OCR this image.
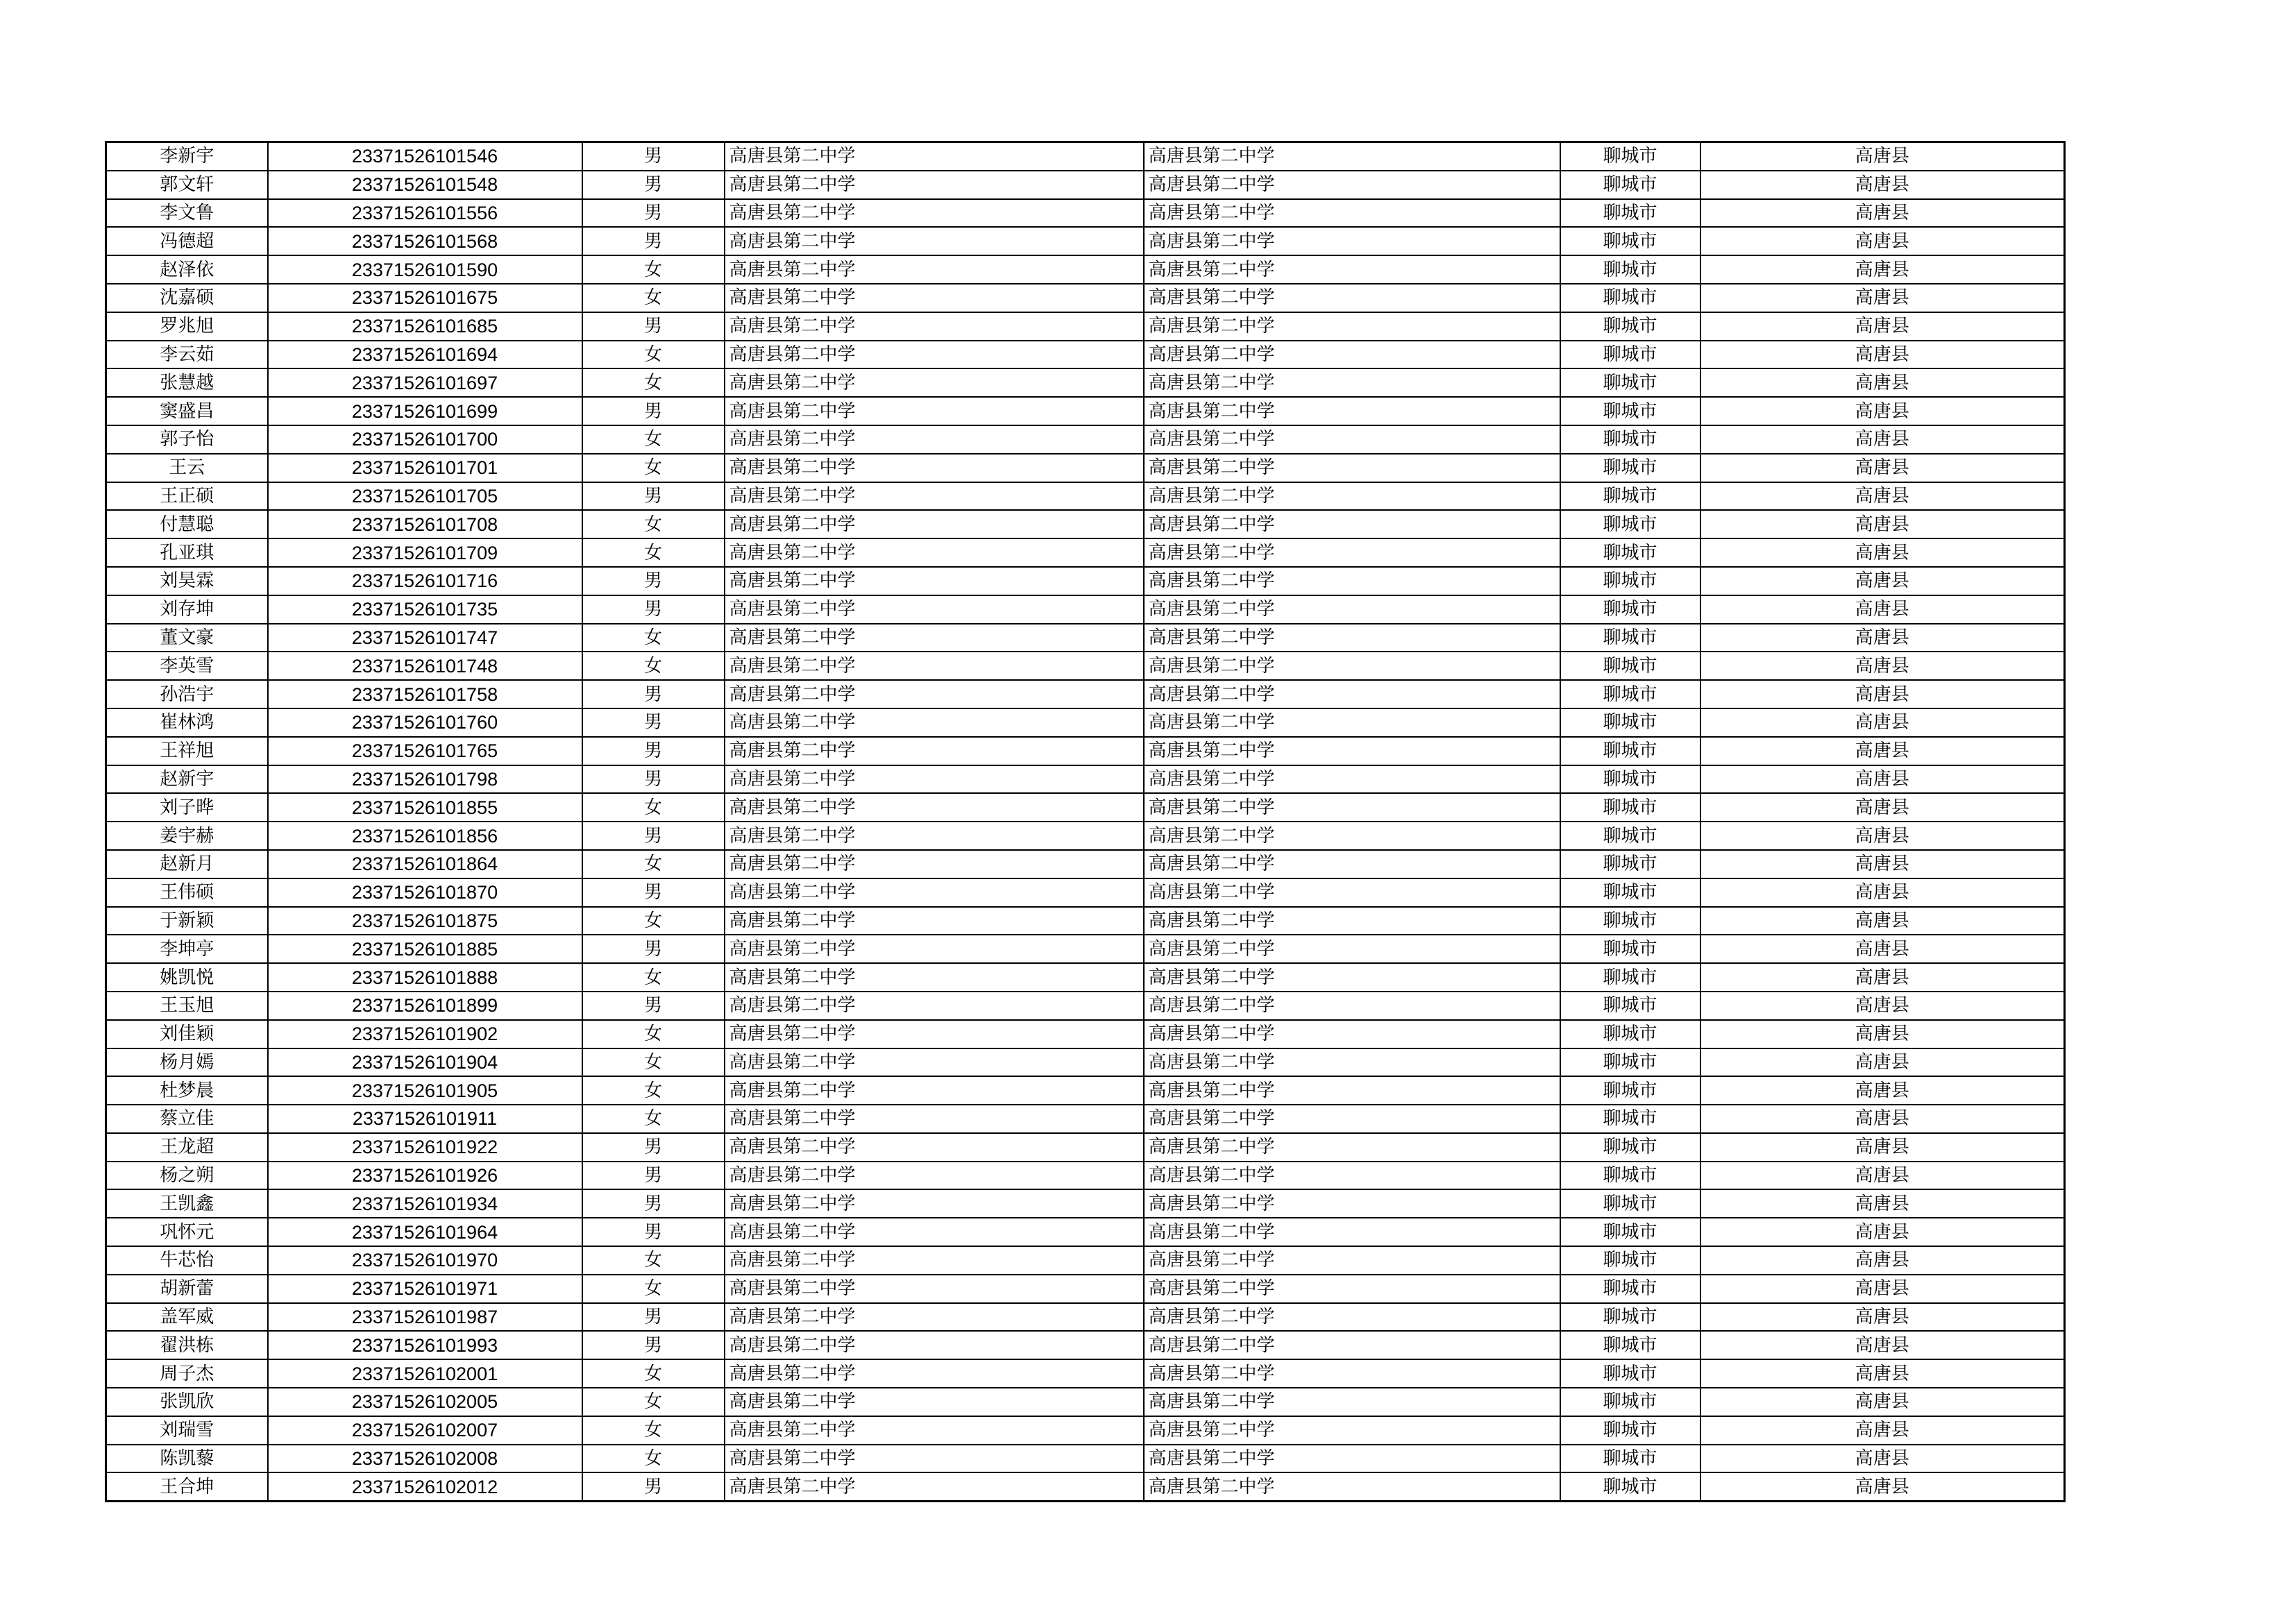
李新宇	23371526101546	男	高唐县第二中学	高唐县第二中学	聊城市	高唐县
郭文轩	23371526101548	男	高唐县第二中学	高唐县第二中学	聊城市	高唐县
李文鲁	23371526101556	男	高唐县第二中学	高唐县第二中学	聊城市	高唐县
冯德超	23371526101568	男	高唐县第二中学	高唐县第二中学	聊城市	高唐县
赵泽依	23371526101590	女	高唐县第二中学	高唐县第二中学	聊城市	高唐县
沈嘉硕	23371526101675	女	高唐县第二中学	高唐县第二中学	聊城市	高唐县
罗兆旭	23371526101685	男	高唐县第二中学	高唐县第二中学	聊城市	高唐县
李云茹	23371526101694	女	高唐县第二中学	高唐县第二中学	聊城市	高唐县
张慧越	23371526101697	女	高唐县第二中学	高唐县第二中学	聊城市	高唐县
窦盛昌	23371526101699	男	高唐县第二中学	高唐县第二中学	聊城市	高唐县
郭子怡	23371526101700	女	高唐县第二中学	高唐县第二中学	聊城市	高唐县
王云	23371526101701	女	高唐县第二中学	高唐县第二中学	聊城市	高唐县
王正硕	23371526101705	男	高唐县第二中学	高唐县第二中学	聊城市	高唐县
付慧聪	23371526101708	女	高唐县第二中学	高唐县第二中学	聊城市	高唐县
孔亚琪	23371526101709	女	高唐县第二中学	高唐县第二中学	聊城市	高唐县
刘昊霖	23371526101716	男	高唐县第二中学	高唐县第二中学	聊城市	高唐县
刘存坤	23371526101735	男	高唐县第二中学	高唐县第二中学	聊城市	高唐县
董文豪	23371526101747	女	高唐县第二中学	高唐县第二中学	聊城市	高唐县
李英雪	23371526101748	女	高唐县第二中学	高唐县第二中学	聊城市	高唐县
孙浩宇	23371526101758	男	高唐县第二中学	高唐县第二中学	聊城市	高唐县
崔林鸿	23371526101760	男	高唐县第二中学	高唐县第二中学	聊城市	高唐县
王祥旭	23371526101765	男	高唐县第二中学	高唐县第二中学	聊城市	高唐县
赵新宇	23371526101798	男	高唐县第二中学	高唐县第二中学	聊城市	高唐县
刘子晔	23371526101855	女	高唐县第二中学	高唐县第二中学	聊城市	高唐县
姜宇赫	23371526101856	男	高唐县第二中学	高唐县第二中学	聊城市	高唐县
赵新月	23371526101864	女	高唐县第二中学	高唐县第二中学	聊城市	高唐县
王伟硕	23371526101870	男	高唐县第二中学	高唐县第二中学	聊城市	高唐县
于新颖	23371526101875	女	高唐县第二中学	高唐县第二中学	聊城市	高唐县
李坤亭	23371526101885	男	高唐县第二中学	高唐县第二中学	聊城市	高唐县
姚凯悦	23371526101888	女	高唐县第二中学	高唐县第二中学	聊城市	高唐县
王玉旭	23371526101899	男	高唐县第二中学	高唐县第二中学	聊城市	高唐县
刘佳颖	23371526101902	女	高唐县第二中学	高唐县第二中学	聊城市	高唐县
杨月嫣	23371526101904	女	高唐县第二中学	高唐县第二中学	聊城市	高唐县
杜梦晨	23371526101905	女	高唐县第二中学	高唐县第二中学	聊城市	高唐县
蔡立佳	23371526101911	女	高唐县第二中学	高唐县第二中学	聊城市	高唐县
王龙超	23371526101922	男	高唐县第二中学	高唐县第二中学	聊城市	高唐县
杨之朔	23371526101926	男	高唐县第二中学	高唐县第二中学	聊城市	高唐县
王凯鑫	23371526101934	男	高唐县第二中学	高唐县第二中学	聊城市	高唐县
巩怀元	23371526101964	男	高唐县第二中学	高唐县第二中学	聊城市	高唐县
牛芯怡	23371526101970	女	高唐县第二中学	高唐县第二中学	聊城市	高唐县
胡新蕾	23371526101971	女	高唐县第二中学	高唐县第二中学	聊城市	高唐县
盖军威	23371526101987	男	高唐县第二中学	高唐县第二中学	聊城市	高唐县
翟洪栋	23371526101993	男	高唐县第二中学	高唐县第二中学	聊城市	高唐县
周子杰	23371526102001	女	高唐县第二中学	高唐县第二中学	聊城市	高唐县
张凯欣	23371526102005	女	高唐县第二中学	高唐县第二中学	聊城市	高唐县
刘瑞雪	23371526102007	女	高唐县第二中学	高唐县第二中学	聊城市	高唐县
陈凯藜	23371526102008	女	高唐县第二中学	高唐县第二中学	聊城市	高唐县
王合坤	23371526102012	男	高唐县第二中学	高唐县第二中学	聊城市	高唐县
